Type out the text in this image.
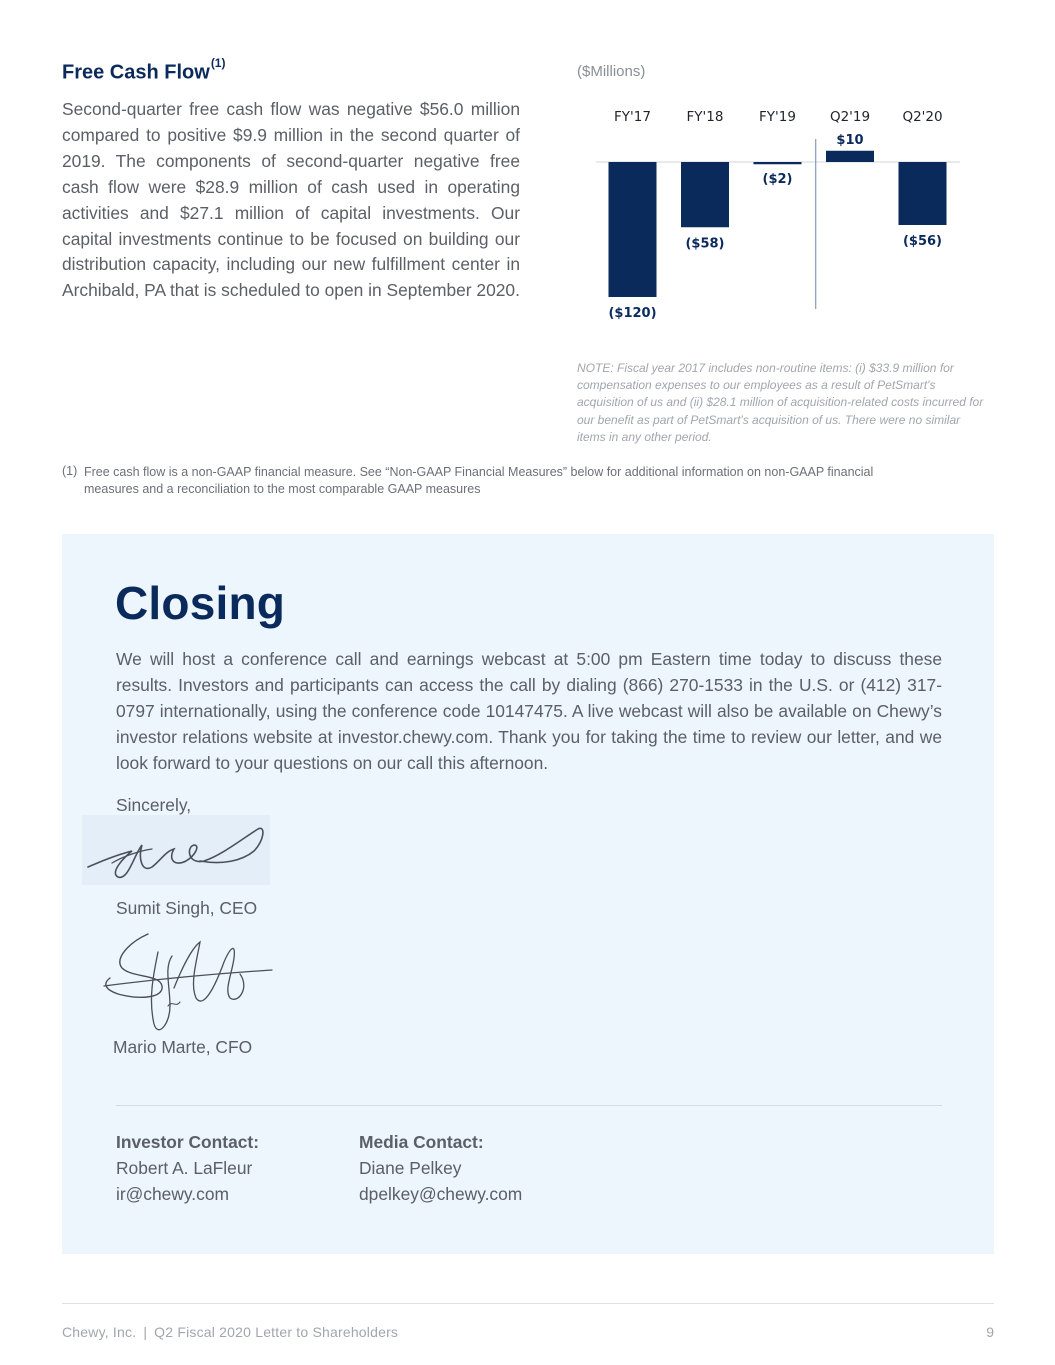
Free Cash Flow$^{(1)}$

Second-quarter free cash flow was negative $56.0 million compared to positive $9.9 million in the second quarter of 2019. The components of second-quarter negative free cash flow were $28.9 million of cash used in operating activities and $27.1 million of capital investments. Our capital investments continue to be focused on building our distribution capacity, including our new fulfillment center in Archibald, PA that is scheduled to open in September 2020.

($Millions)
FY'17
($120)
FY'18
($58)
FY'19
($2)
Q2'19
$10
Q2'20
($56)

NOTE: Fiscal year 2017 includes non-routine items: (i) $33.9 million for compensation expenses to our employees as a result of PetSmart's acquisition of us and (ii) $28.1 million of acquisition-related costs incurred for our benefit as part of PetSmart's acquisition of us. There were no similar items in any other period.

(1) Free cash flow is a non-GAAP financial measure. See “Non-GAAP Financial Measures” below for additional information on non-GAAP financial measures and a reconciliation to the most comparable GAAP measures

Closing

We will host a conference call and earnings webcast at 5:00 pm Eastern time today to discuss these results. Investors and participants can access the call by dialing (866) 270-1533 in the U.S. or (412) 317-0797 internationally, using the conference code 10147475. A live webcast will also be available on Chewy’s investor relations website at investor.chewy.com. Thank you for taking the time to review our letter, and we look forward to your questions on our call this afternoon.

Sincerely,
Sumit Singh, CEO
Mario Marte, CFO
Investor Contact:
Robert A. LaFleur
ir@chewy.com
Media Contact:
Diane Pelkey
dpelkey@chewy.com
Chewy, Inc. | Q2 Fiscal 2020 Letter to Shareholders	9
